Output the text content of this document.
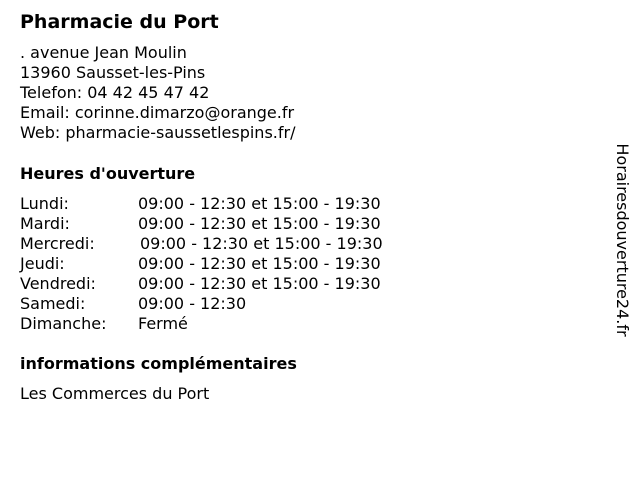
Pharmacie du Port
. avenue Jean Moulin
13960 Sausset-les-Pins
Telefon: 04 42 45 47 42
Email: corinne.dimarzo@orange.fr
Web: pharmacie-saussetlespins.fr/
Heures d'ouverture
Lundi:	09:00 - 12:30 et 15:00 - 19:30
Mardi:	09:00 - 12:30 et 15:00 - 19:30
Mercredi:	09:00 - 12:30 et 15:00 - 19:30
Jeudi:	09:00 - 12:30 et 15:00 - 19:30
Vendredi:	09:00 - 12:30 et 15:00 - 19:30
Samedi:	09:00 - 12:30
Dimanche: Fermé
informations complémentaires
Les Commerces du Port
Horairesdouverture24.fr
